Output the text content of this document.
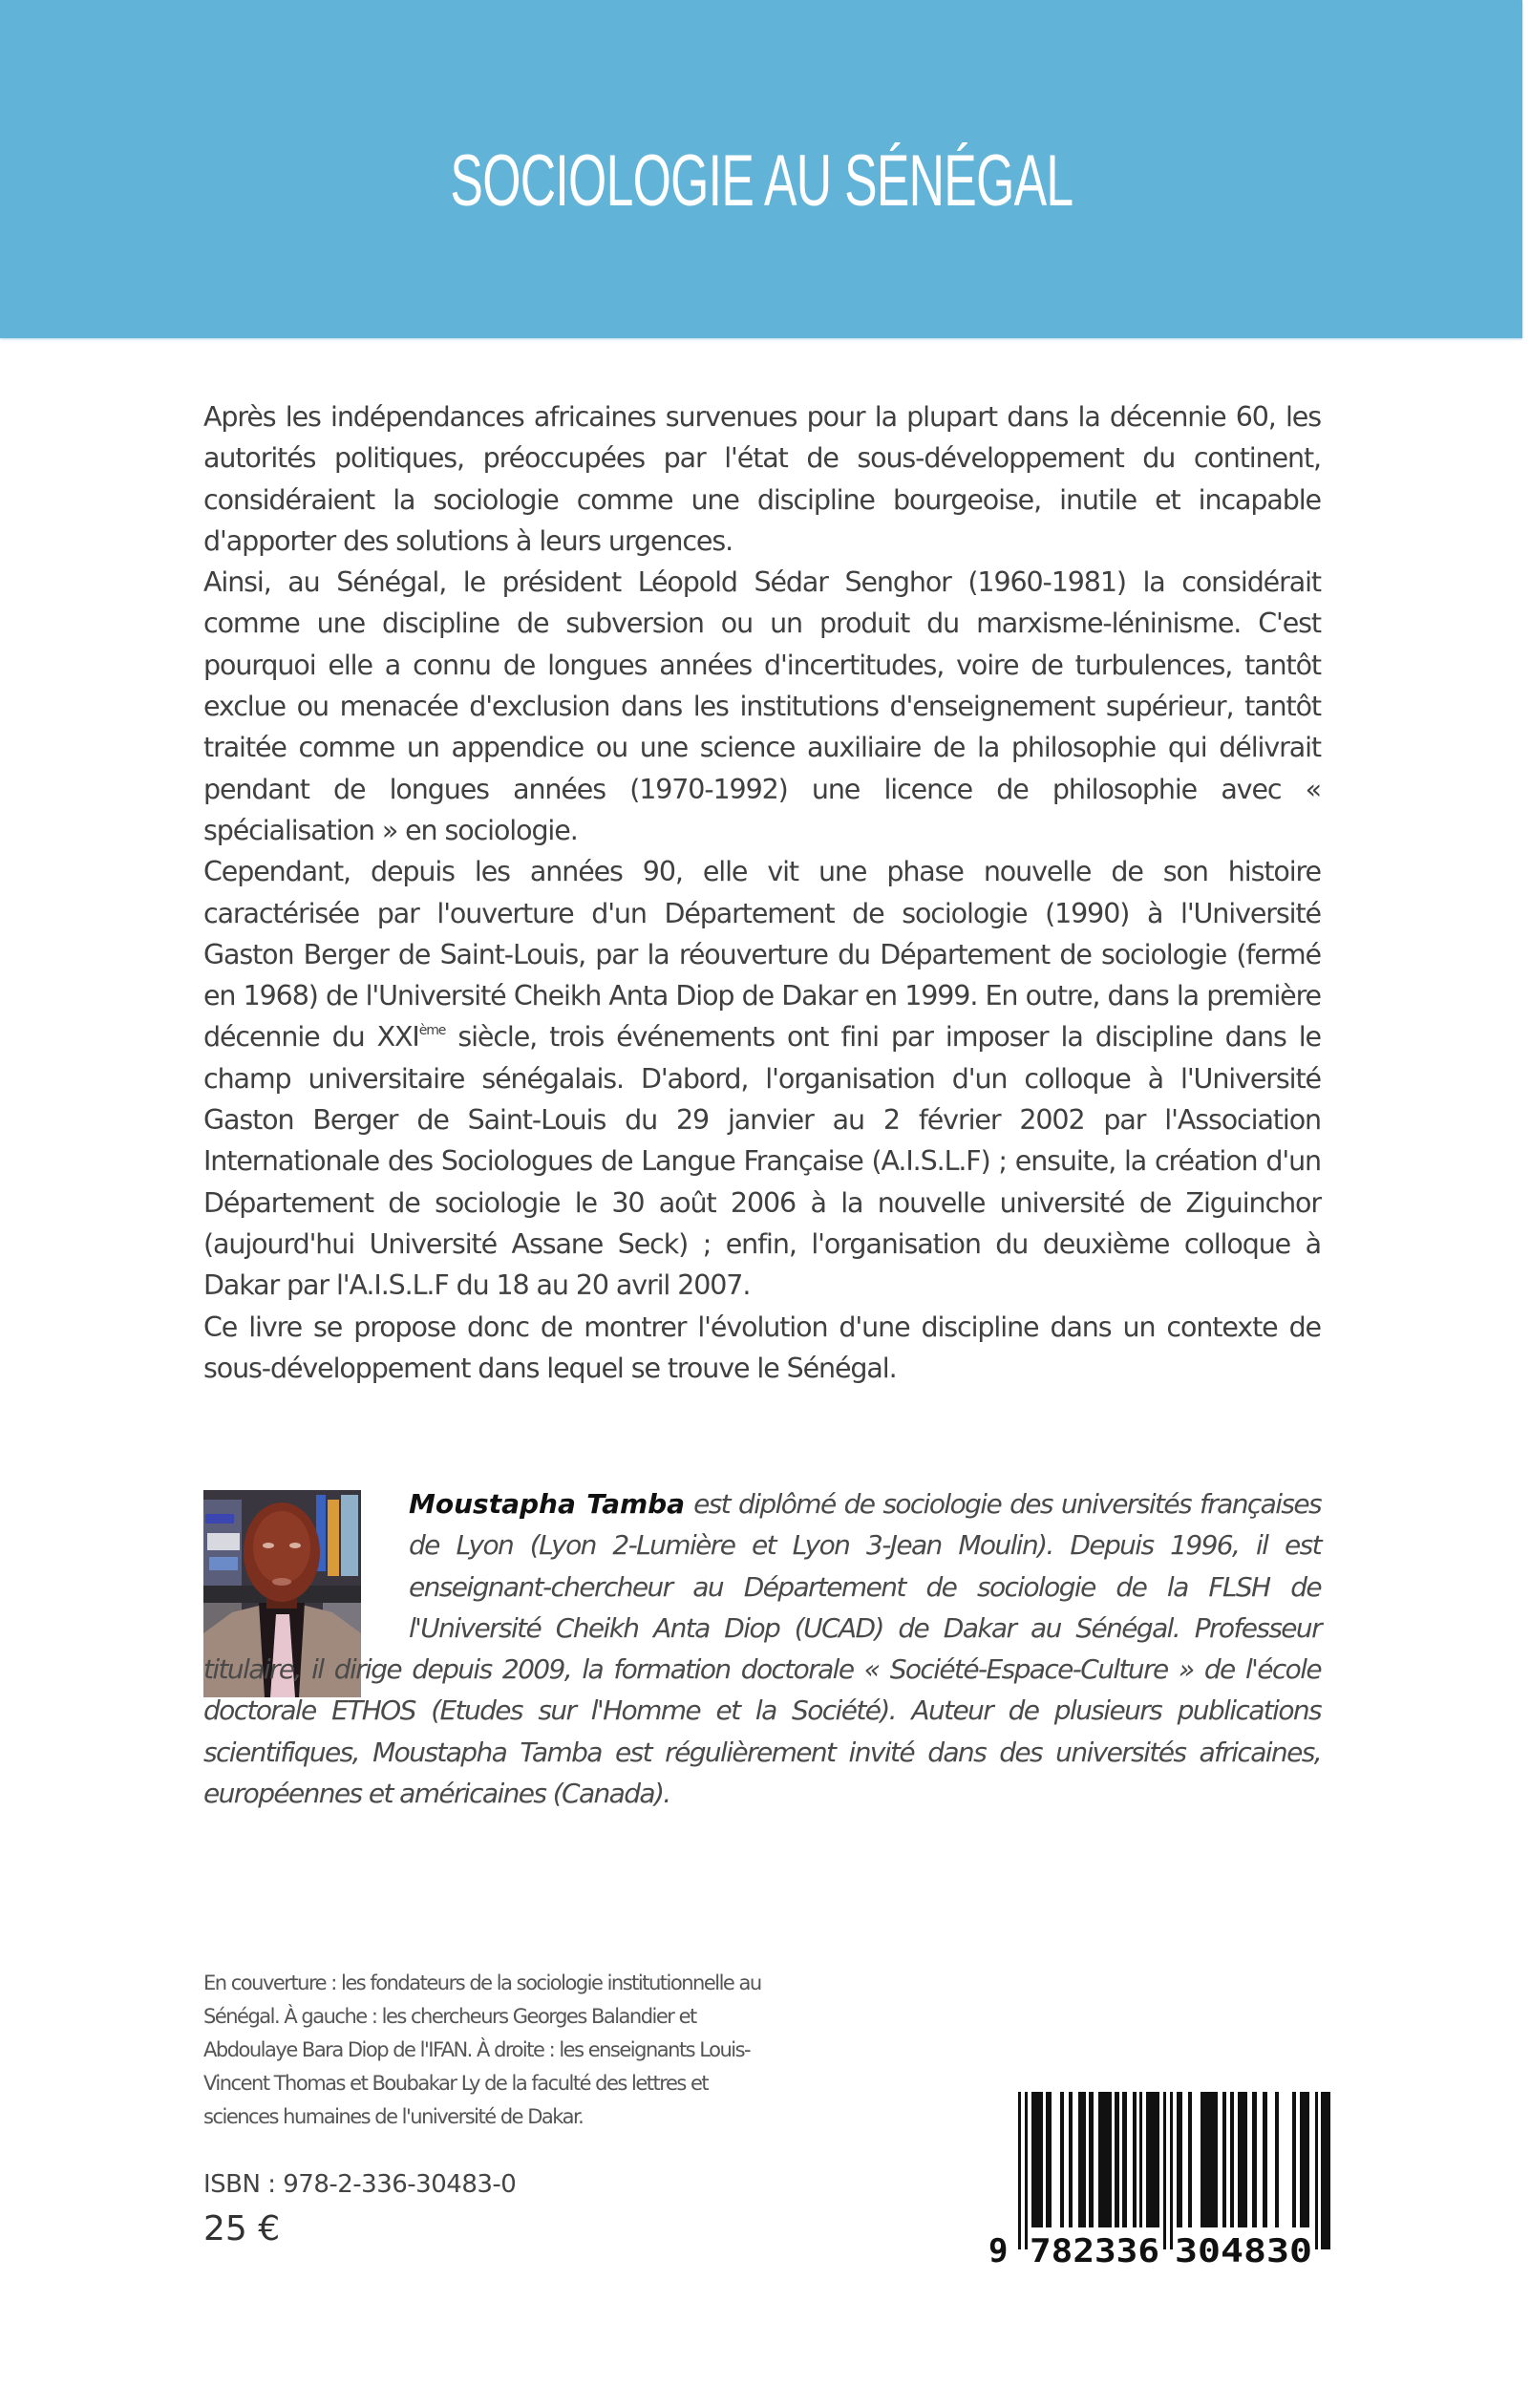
SOCIOLOGIE AU SÉNÉGAL

Après les indépendances africaines survenues pour la plupart dans la décennie 60, les autorités politiques, préoccupées par l'état de sous-développement du continent, considéraient la sociologie comme une discipline bourgeoise, inutile et incapable d'apporter des solutions à leurs urgences.

Ainsi, au Sénégal, le président Léopold Sédar Senghor (1960-1981) la considérait comme une discipline de subversion ou un produit du marxisme-léninisme. C'est pourquoi elle a connu de longues années d'incertitudes, voire de turbulences, tantôt exclue ou menacée d'exclusion dans les institutions d'enseignement supérieur, tantôt traitée comme un appendice ou une science auxiliaire de la philosophie qui délivrait pendant de longues années (1970-1992) une licence de philosophie avec « spécialisation » en sociologie.

Cependant, depuis les années 90, elle vit une phase nouvelle de son histoire caractérisée par l'ouverture d'un Département de sociologie (1990) à l'Université Gaston Berger de Saint-Louis, par la réouverture du Département de sociologie (fermé en 1968) de l'Université Cheikh Anta Diop de Dakar en 1999. En outre, dans la première décennie du XXIème siècle, trois événements ont fini par imposer la discipline dans le champ universitaire sénégalais. D'abord, l'organisation d'un colloque à l'Université Gaston Berger de Saint-Louis du 29 janvier au 2 février 2002 par l'Association Internationale des Sociologues de Langue Française (A.I.S.L.F) ; ensuite, la création d'un Département de sociologie le 30 août 2006 à la nouvelle université de Ziguinchor (aujourd'hui Université Assane Seck) ; enfin, l'organisation du deuxième colloque à Dakar par l'A.I.S.L.F du 18 au 20 avril 2007.

Ce livre se propose donc de montrer l'évolution d'une discipline dans un contexte de sous-développement dans lequel se trouve le Sénégal.

Moustapha Tamba est diplômé de sociologie des universités françaises de Lyon (Lyon 2-Lumière et Lyon 3-Jean Moulin). Depuis 1996, il est enseignant-chercheur au Département de sociologie de la FLSH de l'Université Cheikh Anta Diop (UCAD) de Dakar au Sénégal. Professeur titulaire, il dirige depuis 2009, la formation doctorale « Société-Espace-Culture » de l'école doctorale ETHOS (Etudes sur l'Homme et la Société). Auteur de plusieurs publications scientifiques, Moustapha Tamba est régulièrement invité dans des universités africaines, européennes et américaines (Canada).
En couverture : les fondateurs de la sociologie institutionnelle au Sénégal. À gauche : les chercheurs Georges Balandier et Abdoulaye Bara Diop de l'IFAN. À droite : les enseignants Louis-Vincent Thomas et Boubakar Ly de la faculté des lettres et sciences humaines de l'université de Dakar.
ISBN : 978-2-336-30483-0
25 €
9 782336 304830
